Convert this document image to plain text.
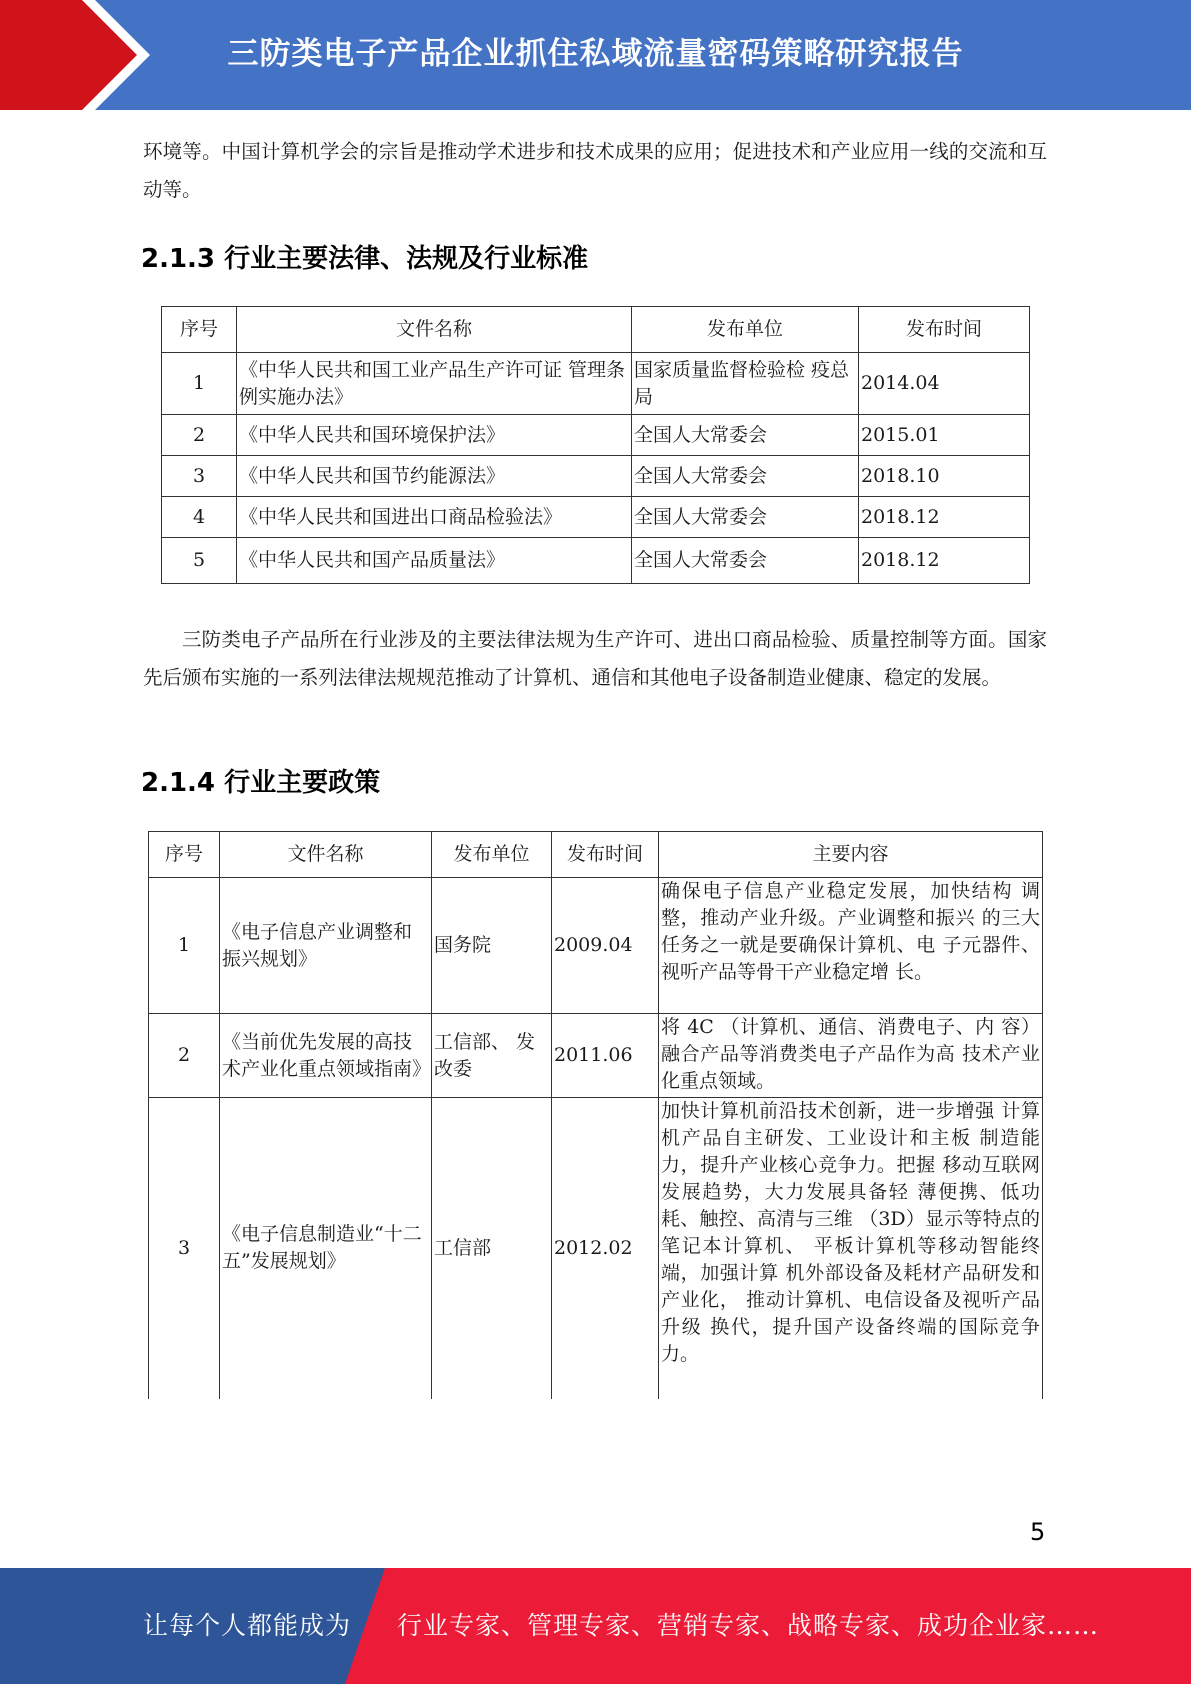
三防类电子产品企业抓住私域流量密码策略研究报告

环境等。中国计算机学会的宗旨是推动学术进步和技术成果的应用；促进技术和产业应用一线的交流和互动等。

2.1.3 行业主要法律、法规及行业标准
序号	文件名称	发布单位	发布时间
1	《中华人民共和国工业产品生产许可证 管理条例实施办法》	国家质量监督检验检 疫总局	2014.04
2	《中华人民共和国环境保护法》	全国人大常委会	2015.01
3	《中华人民共和国节约能源法》	全国人大常委会	2018.10
4	《中华人民共和国进出口商品检验法》	全国人大常委会	2018.12
5	《中华人民共和国产品质量法》	全国人大常委会	2018.12

三防类电子产品所在行业涉及的主要法律法规为生产许可、进出口商品检验、质量控制等方面。国家先后颁布实施的一系列法律法规规范推动了计算机、通信和其他电子设备制造业健康、稳定的发展。

2.1.4 行业主要政策
序号	文件名称	发布单位	发布时间	主要内容
1	《电子信息产业调整和振兴规划》	国务院	2009.04	确保电子信息产业稳定发展，加快结构 调整，推动产业升级。产业调整和振兴 的三大任务之一就是要确保计算机、电 子元器件、视听产品等骨干产业稳定增 长。
2	《当前优先发展的高技术产业化重点领域指南》	工信部、 发改委	2011.06	将 4C （计算机、通信、消费电子、内 容）融合产品等消费类电子产品作为高 技术产业化重点领域。
3	《电子信息制造业“十二五”发展规划》	工信部	2012.02	加快计算机前沿技术创新，进一步增强 计算机产品自主研发、工业设计和主板 制造能力，提升产业核心竞争力。把握 移动互联网发展趋势，大力发展具备轻 薄便携、低功耗、触控、高清与三维 （3D）显示等特点的笔记本计算机、 平板计算机等移动智能终端，加强计算 机外部设备及耗材产品研发和产业化， 推动计算机、电信设备及视听产品升级 换代，提升国产设备终端的国际竞争 力。
5
让每个人都能成为 行业专家、管理专家、营销专家、战略专家、成功企业家……
